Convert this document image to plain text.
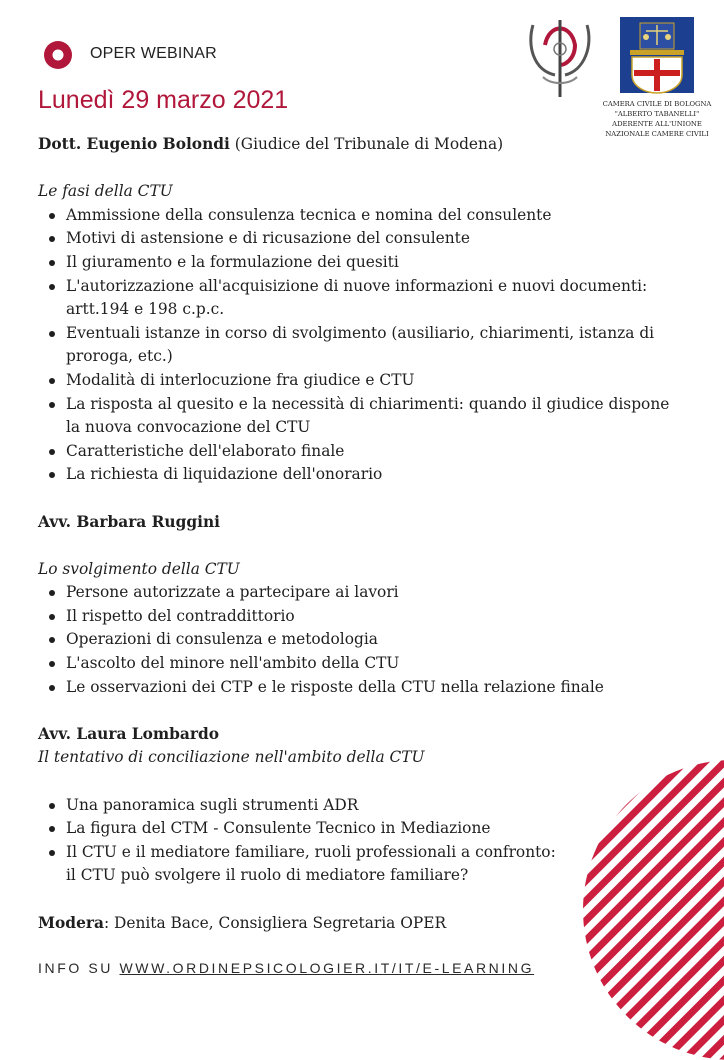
OPER WEBINAR
Lunedì 29 marzo 2021	CAMERA CIVILE DI BOLOGNA
"ALBERTO TABANELLI"
ADERENTE ALL'UNIONE
NAZIONALE CAMERE CIVILI
Dott. Eugenio Bolondi (Giudice del Tribunale di Modena)
Le fasi della CTU
Ammissione della consulenza tecnica e nomina del consulente
Motivi di astensione e di ricusazione del consulente
Il giuramento e la formulazione dei quesiti
L'autorizzazione all'acquisizione di nuove informazioni e nuovi documenti:
artt.194 e 198 c.p.c.
Eventuali istanze in corso di svolgimento (ausiliario, chiarimenti, istanza di
proroga, etc.)
Modalità di interlocuzione fra giudice e CTU
La risposta al quesito e la necessità di chiarimenti: quando il giudice dispone
la nuova convocazione del CTU
Caratteristiche dell'elaborato finale
La richiesta di liquidazione dell'onorario
Avv. Barbara Ruggini
Lo svolgimento della CTU
Persone autorizzate a partecipare ai lavori
Il rispetto del contraddittorio
Operazioni di consulenza e metodologia
L'ascolto del minore nell'ambito della CTU
Le osservazioni dei CTP e le risposte della CTU nella relazione finale
Avv. Laura Lombardo
Il tentativo di conciliazione nell'ambito della CTU
Una panoramica sugli strumenti ADR
La figura del CTM - Consulente Tecnico in Mediazione
Il CTU e il mediatore familiare, ruoli professionali a confronto:
il CTU può svolgere il ruolo di mediatore familiare?
Modera: Denita Bace, Consigliera Segretaria OPER
INFO SU WWW.ORDINEPSICOLOGIER.IT/IT/E-LEARNING
